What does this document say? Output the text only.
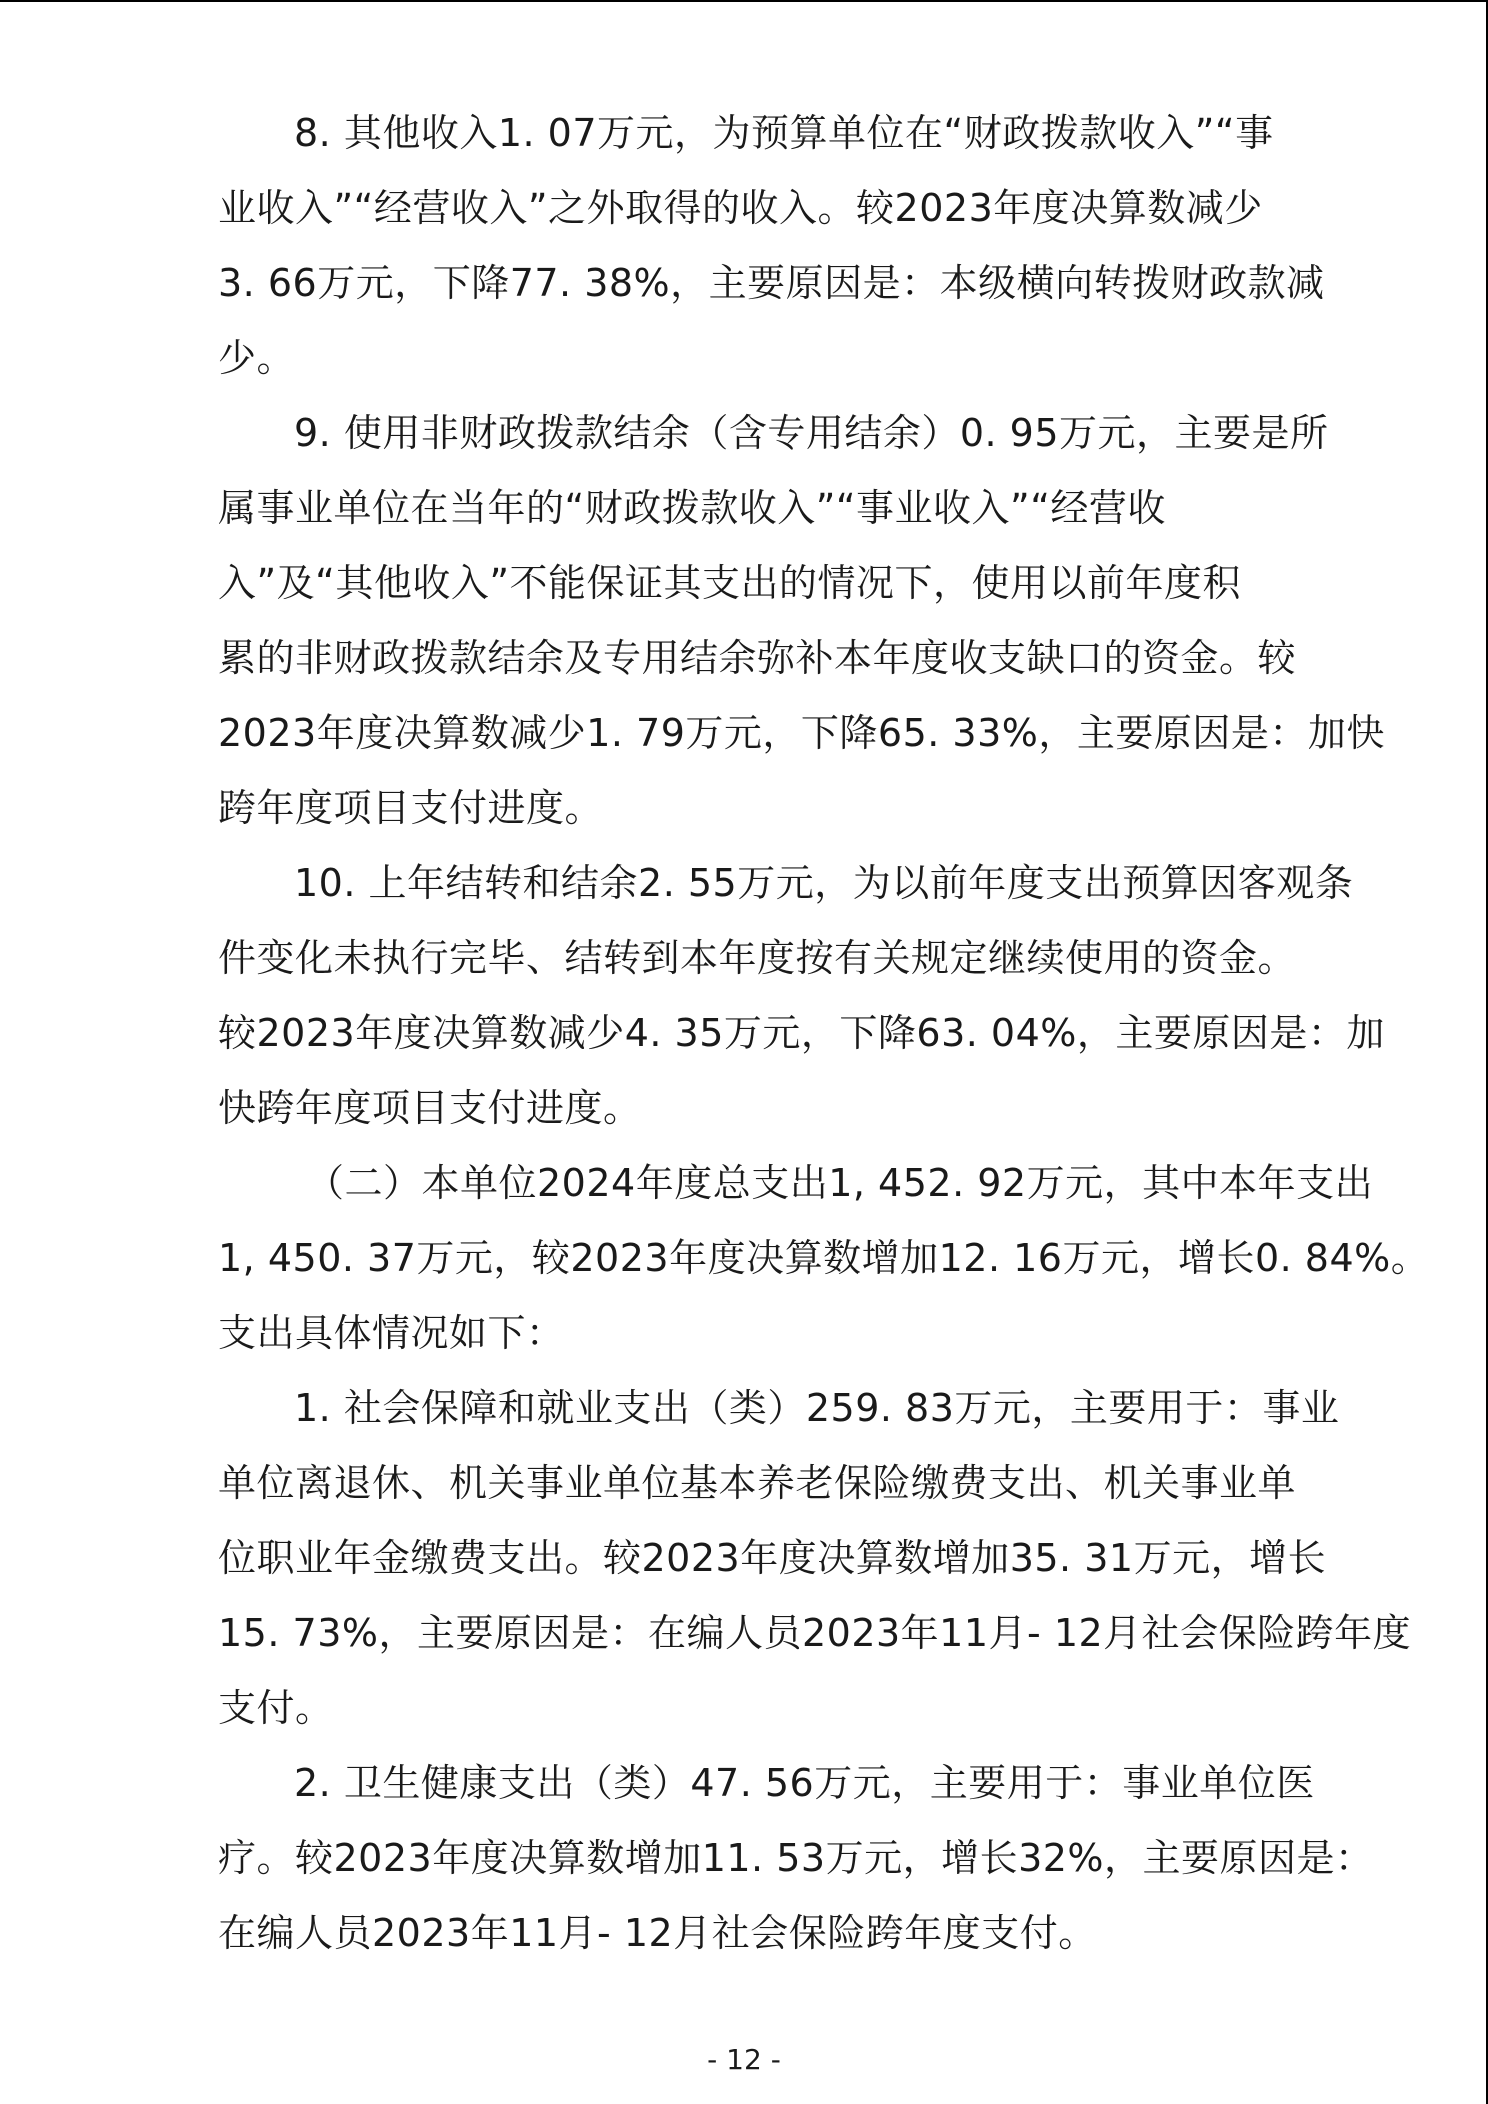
8. 其他收入1. 07万元，为预算单位在“财政拨款收入”“事
业收入”“经营收入”之外取得的收入。较2023年度决算数减少
3. 66万元，下降77. 38%，主要原因是：本级横向转拨财政款减
少。
9. 使用非财政拨款结余（含专用结余）0. 95万元，主要是所
属事业单位在当年的“财政拨款收入”“事业收入”“经营收
入”及“其他收入”不能保证其支出的情况下，使用以前年度积
累的非财政拨款结余及专用结余弥补本年度收支缺口的资金。较
2023年度决算数减少1. 79万元，下降65. 33%，主要原因是：加快
跨年度项目支付进度。
10. 上年结转和结余2. 55万元，为以前年度支出预算因客观条
件变化未执行完毕、结转到本年度按有关规定继续使用的资金。
较2023年度决算数减少4. 35万元，下降63. 04%，主要原因是：加
快跨年度项目支付进度。
（二）本单位2024年度总支出1, 452. 92万元，其中本年支出
1, 450. 37万元，较2023年度决算数增加12. 16万元，增长0. 84%。
支出具体情况如下：
1. 社会保障和就业支出（类）259. 83万元，主要用于：事业
单位离退休、机关事业单位基本养老保险缴费支出、机关事业单
位职业年金缴费支出。较2023年度决算数增加35. 31万元，增长
15. 73%，主要原因是：在编人员2023年11月- 12月社会保险跨年度
支付。
2. 卫生健康支出（类）47. 56万元，主要用于：事业单位医
疗。较2023年度决算数增加11. 53万元，增长32%，主要原因是：
在编人员2023年11月- 12月社会保险跨年度支付。
- 12 -
